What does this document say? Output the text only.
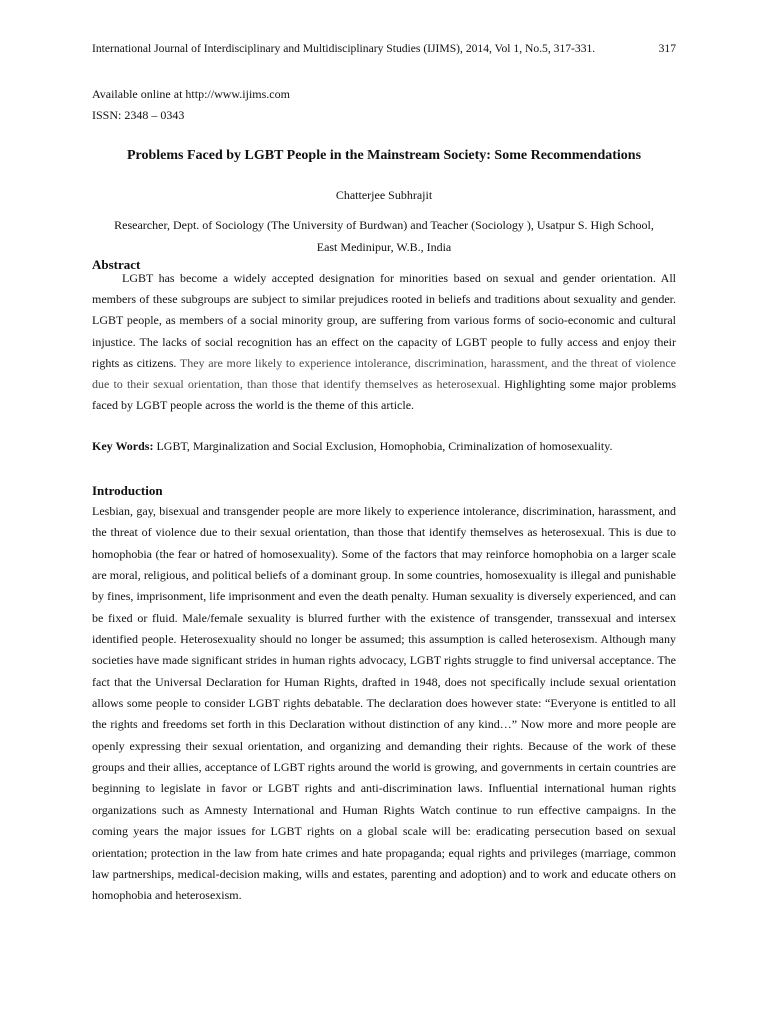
International Journal of Interdisciplinary and Multidisciplinary Studies (IJIMS), 2014, Vol 1, No.5, 317-331.	317
Available online at http://www.ijims.com
ISSN: 2348 – 0343
Problems Faced by LGBT People in the Mainstream Society: Some Recommendations
Chatterjee Subhrajit
Researcher, Dept. of Sociology (The University of Burdwan) and Teacher (Sociology ), Usatpur S. High School,
East Medinipur, W.B., India
Abstract
LGBT has become a widely accepted designation for minorities based on sexual and gender orientation. All members of these subgroups are subject to similar prejudices rooted in beliefs and traditions about sexuality and gender. LGBT people, as members of a social minority group, are suffering from various forms of socio-economic and cultural injustice. The lacks of social recognition has an effect on the capacity of LGBT people to fully access and enjoy their rights as citizens. They are more likely to experience intolerance, discrimination, harassment, and the threat of violence due to their sexual orientation, than those that identify themselves as heterosexual. Highlighting some major problems faced by LGBT people across the world is the theme of this article.
Key Words: LGBT, Marginalization and Social Exclusion, Homophobia, Criminalization of homosexuality.
Introduction
Lesbian, gay, bisexual and transgender people are more likely to experience intolerance, discrimination, harassment, and the threat of violence due to their sexual orientation, than those that identify themselves as heterosexual. This is due to homophobia (the fear or hatred of homosexuality). Some of the factors that may reinforce homophobia on a larger scale are moral, religious, and political beliefs of a dominant group. In some countries, homosexuality is illegal and punishable by fines, imprisonment, life imprisonment and even the death penalty. Human sexuality is diversely experienced, and can be fixed or fluid. Male/female sexuality is blurred further with the existence of transgender, transsexual and intersex identified people. Heterosexuality should no longer be assumed; this assumption is called heterosexism. Although many societies have made significant strides in human rights advocacy, LGBT rights struggle to find universal acceptance. The fact that the Universal Declaration for Human Rights, drafted in 1948, does not specifically include sexual orientation allows some people to consider LGBT rights debatable. The declaration does however state: “Everyone is entitled to all the rights and freedoms set forth in this Declaration without distinction of any kind…” Now more and more people are openly expressing their sexual orientation, and organizing and demanding their rights. Because of the work of these groups and their allies, acceptance of LGBT rights around the world is growing, and governments in certain countries are beginning to legislate in favor or LGBT rights and anti-discrimination laws. Influential international human rights organizations such as Amnesty International and Human Rights Watch continue to run effective campaigns. In the coming years the major issues for LGBT rights on a global scale will be: eradicating persecution based on sexual orientation; protection in the law from hate crimes and hate propaganda; equal rights and privileges (marriage, common law partnerships, medical-decision making, wills and estates, parenting and adoption) and to work and educate others on homophobia and heterosexism.
